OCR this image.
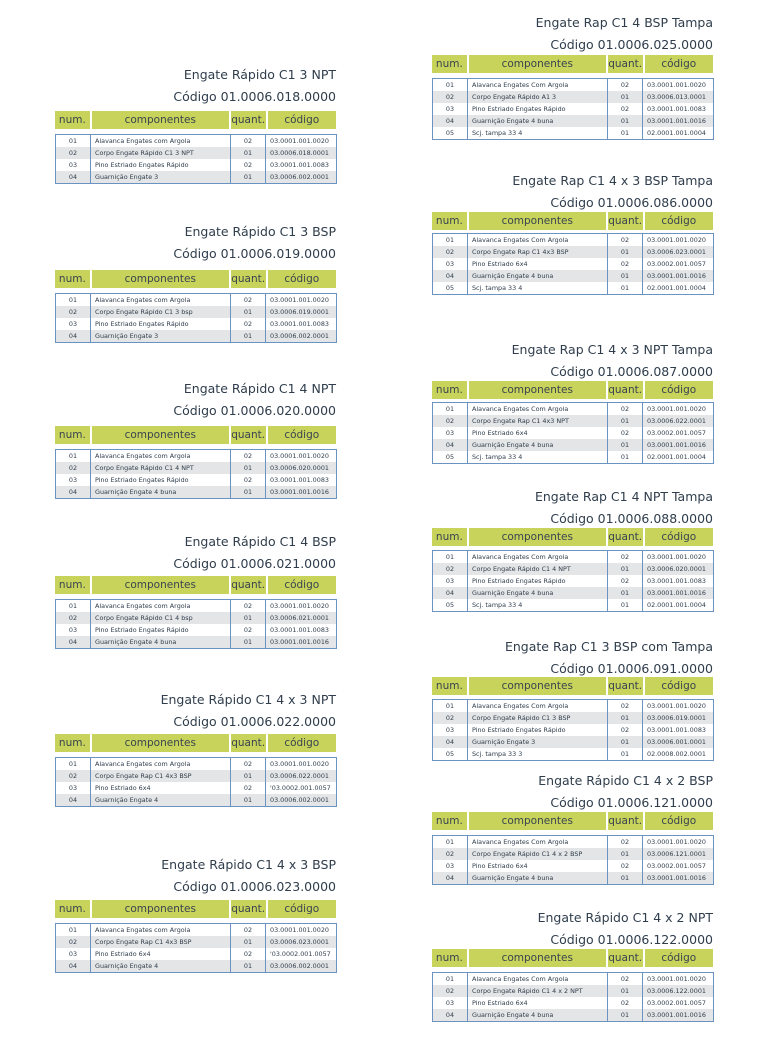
Engate Rápido C1 3 NPT
Código 01.0006.018.0000
num.	componentes	quant.	código
01	Alavanca Engates com Argola	02	03.0001.001.0020
02	Corpo Engate Rápido C1 3 NPT	01	03.0006.018.0001
03	Pino Estriado Engates Rápido	02	03.0001.001.0083
04	Guarnição Engate 3	01	03.0006.002.0001
Engate Rápido C1 3 BSP
Código 01.0006.019.0000
num.	componentes	quant.	código
01	Alavanca Engates com Argola	02	03.0001.001.0020
02	Corpo Engate Rápido C1 3 bsp	01	03.0006.019.0001
03	Pino Estriado Engates Rápido	02	03.0001.001.0083
04	Guarnição Engate 3	01	03.0006.002.0001
Engate Rápido C1 4 NPT
Código 01.0006.020.0000
num.	componentes	quant.	código
01	Alavanca Engates com Argola	02	03.0001.001.0020
02	Corpo Engate Rápido C1 4 NPT	01	03.0006.020.0001
03	Pino Estriado Engates Rápido	02	03.0001.001.0083
04	Guarnição Engate 4 buna	01	03.0001.001.0016
Engate Rápido C1 4 BSP
Código 01.0006.021.0000
num.	componentes	quant.	código
01	Alavanca Engates com Argola	02	03.0001.001.0020
02	Corpo Engate Rápido C1 4 bsp	01	03.0006.021.0001
03	Pino Estriado Engates Rápido	02	03.0001.001.0083
04	Guarnição Engate 4 buna	01	03.0001.001.0016
Engate Rápido C1 4 x 3 NPT
Código 01.0006.022.0000
num.	componentes	quant.	código
01	Alavanca Engates com Argola	02	03.0001.001.0020
02	Corpo Engate Rap C1 4x3 BSP	01	03.0006.022.0001
03	Pino Estriado 6x4	02	'03.0002.001.0057
04	Guarnição Engate 4	01	03.0006.002.0001
Engate Rápido C1 4 x 3 BSP
Código 01.0006.023.0000
num.	componentes	quant.	código
01	Alavanca Engates com Argola	02	03.0001.001.0020
02	Corpo Engate Rap C1 4x3 BSP	01	03.0006.023.0001
03	Pino Estriado 6x4	02	'03.0002.001.0057
04	Guarnição Engate 4	01	03.0006.002.0001
Engate Rap C1 4 BSP Tampa
Código 01.0006.025.0000
num.	componentes	quant.	código
01	Alavanca Engates Com Argola	02	03.0001.001.0020
02	Corpo Engate Rápido A1 3	01	03.0006.013.0001
03	Pino Estriado Engates Rápido	02	03.0001.001.0083
04	Guarnição Engate 4 buna	01	03.0001.001.0016
05	Scj. tampa 33 4	01	02.0001.001.0004
Engate Rap C1 4 x 3 BSP Tampa
Código 01.0006.086.0000
num.	componentes	quant.	código
01	Alavanca Engates Com Argola	02	03.0001.001.0020
02	Corpo Engate Rap C1 4x3 BSP	01	03.0006.023.0001
03	Pino Estriado 6x4	02	03.0002.001.0057
04	Guarnição Engate 4 buna	01	03.0001.001.0016
05	Scj. tampa 33 4	01	02.0001.001.0004
Engate Rap C1 4 x 3 NPT Tampa
Código 01.0006.087.0000
num.	componentes	quant.	código
01	Alavanca Engates Com Argola	02	03.0001.001.0020
02	Corpo Engate Rap C1 4x3 NPT	01	03.0006.022.0001
03	Pino Estriado 6x4	02	03.0002.001.0057
04	Guarnição Engate 4 buna	01	03.0001.001.0016
05	Scj. tampa 33 4	01	02.0001.001.0004
Engate Rap C1 4 NPT Tampa
Código 01.0006.088.0000
num.	componentes	quant.	código
01	Alavanca Engates Com Argola	02	03.0001.001.0020
02	Corpo Engate Rápido C1 4 NPT	01	03.0006.020.0001
03	Pino Estriado Engates Rápido	02	03.0001.001.0083
04	Guarnição Engate 4 buna	01	03.0001.001.0016
05	Scj. tampa 33 4	01	02.0001.001.0004
Engate Rap C1 3 BSP com Tampa
Código 01.0006.091.0000
num.	componentes	quant.	código
01	Alavanca Engates Com Argola	02	03.0001.001.0020
02	Corpo Engate Rápido C1 3 BSP	01	03.0006.019.0001
03	Pino Estriado Engates Rápido	02	03.0001.001.0083
04	Guarnição Engate 3	01	03.0006.001.0001
05	Scj. tampa 33 3	01	02.0008.002.0001
Engate Rápido C1 4 x 2 BSP
Código 01.0006.121.0000
num.	componentes	quant.	código
01	Alavanca Engates Com Argola	02	03.0001.001.0020
02	Corpo Engate Rápido C1 4 x 2 BSP	01	03.0006.121.0001
03	Pino Estriado 6x4	02	03.0002.001.0057
04	Guarnição Engate 4 buna	01	03.0001.001.0016
Engate Rápido C1 4 x 2 NPT
Código 01.0006.122.0000
num.	componentes	quant.	código
01	Alavanca Engates Com Argola	02	03.0001.001.0020
02	Corpo Engate Rápido C1 4 x 2 NPT	01	03.0006.122.0001
03	Pino Estriado 6x4	02	03.0002.001.0057
04	Guarnição Engate 4 buna	01	03.0001.001.0016
